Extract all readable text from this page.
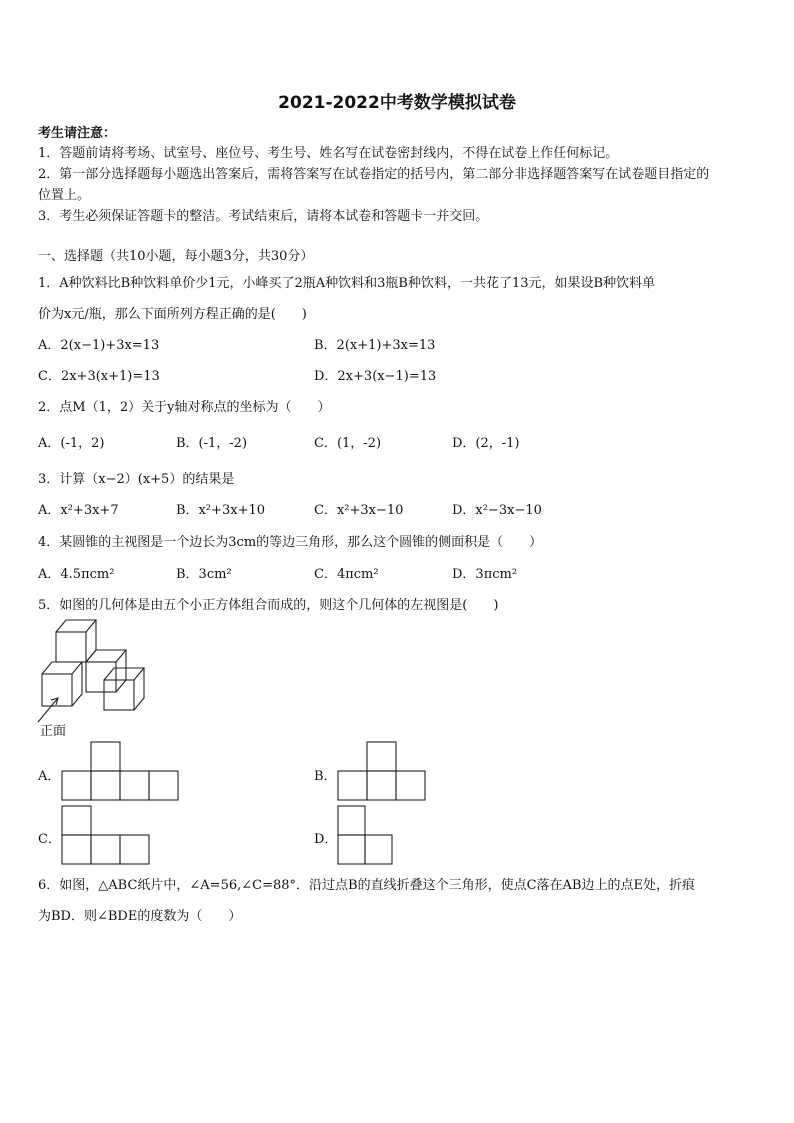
2021-2022中考数学模拟试卷
考生请注意：
1．答题前请将考场、试室号、座位号、考生号、姓名写在试卷密封线内，不得在试卷上作任何标记。
2．第一部分选择题每小题选出答案后，需将答案写在试卷指定的括号内，第二部分非选择题答案写在试卷题目指定的
位置上。
3．考生必须保证答题卡的整洁。考试结束后，请将本试卷和答题卡一并交回。
一、选择题（共10小题，每小题3分，共30分）
1．A种饮料比B种饮料单价少1元，小峰买了2瓶A种饮料和3瓶B种饮料，一共花了13元，如果设B种饮料单
价为x元/瓶，那么下面所列方程正确的是(　　)
A．2(x−1)+3x=13	B．2(x+1)+3x=13
C．2x+3(x+1)=13	D．2x+3(x−1)=13
2．点M（1，2）关于y轴对称点的坐标为（　　）
A．(-1，2)	B．(-1，-2)	C．(1，-2)	D．(2，-1)
3．计算（x−2）(x+5）的结果是
A．x²+3x+7	B．x²+3x+10	C．x²+3x−10	D．x²−3x−10
4．某圆锥的主视图是一个边长为3cm的等边三角形，那么这个圆锥的侧面积是（　　）
A．4.5πcm²	B．3cm²	C．4πcm²	D．3πcm²
5．如图的几何体是由五个小正方体组合而成的，则这个几何体的左视图是(　　)
正面
A．	B．
C．	D．
6．如图，△ABC纸片中，∠A=56,∠C=88°．沿过点B的直线折叠这个三角形，使点C落在AB边上的点E处，折痕
为BD．则∠BDE的度数为（　　）
